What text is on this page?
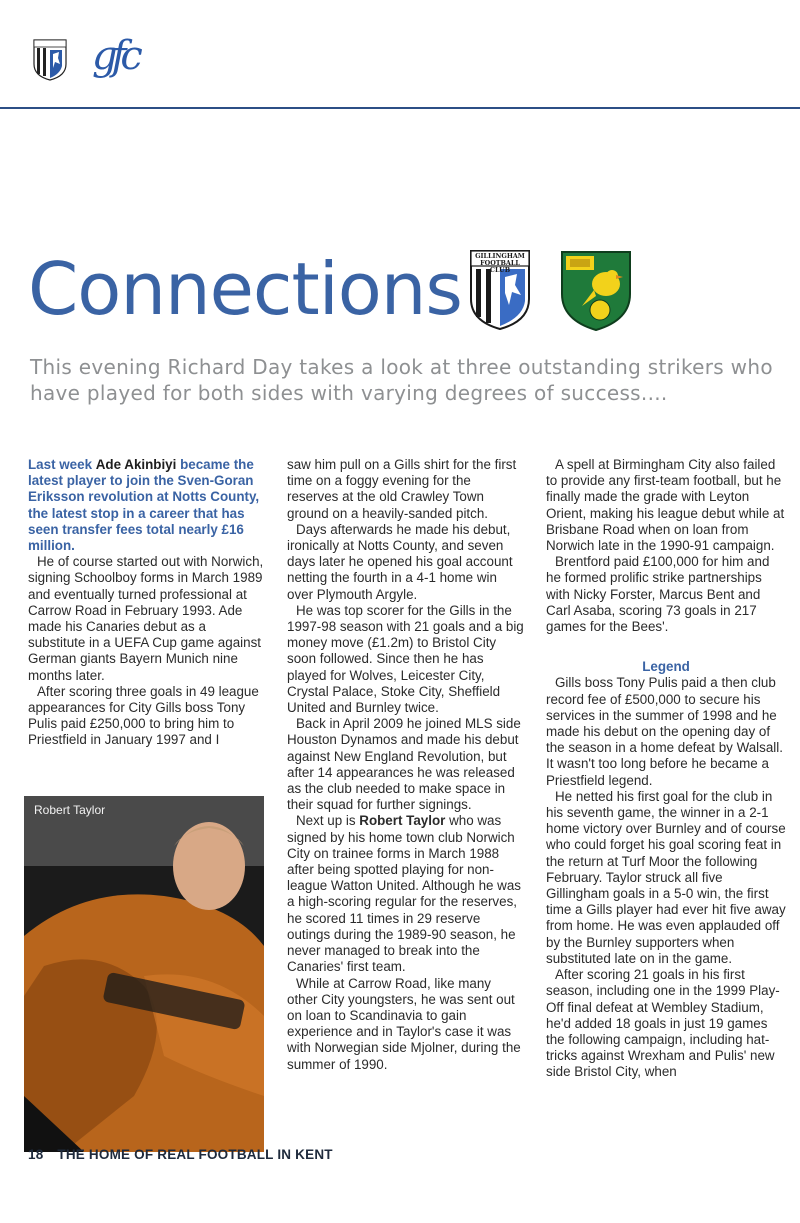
gfc
Connections	GILLINGHAM FOOTBALL CLUB
This evening Richard Day takes a look at three outstanding strikers who have played for both sides with varying degrees of success....

Last week Ade Akinbiyi became the latest player to join the Sven-Goran Eriksson revolution at Notts County, the latest stop in a career that has seen transfer fees total nearly £16 million.

He of course started out with Norwich, signing Schoolboy forms in March 1989 and eventually turned professional at Carrow Road in February 1993. Ade made his Canaries debut as a substitute in a UEFA Cup game against German giants Bayern Munich nine months later.

After scoring three goals in 49 league appearances for City Gills boss Tony Pulis paid £250,000 to bring him to Priestfield in January 1997 and I

Robert Taylor

saw him pull on a Gills shirt for the first time on a foggy evening for the reserves at the old Crawley Town ground on a heavily-sanded pitch.

Days afterwards he made his debut, ironically at Notts County, and seven days later he opened his goal account netting the fourth in a 4-1 home win over Plymouth Argyle.

He was top scorer for the Gills in the 1997-98 season with 21 goals and a big money move (£1.2m) to Bristol City soon followed. Since then he has played for Wolves, Leicester City, Crystal Palace, Stoke City, Sheffield United and Burnley twice.

Back in April 2009 he joined MLS side Houston Dynamos and made his debut against New England Revolution, but after 14 appearances he was released as the club needed to make space in their squad for further signings.

Next up is Robert Taylor who was signed by his home town club Norwich City on trainee forms in March 1988 after being spotted playing for non-league Watton United. Although he was a high-scoring regular for the reserves, he scored 11 times in 29 reserve outings during the 1989-90 season, he never managed to break into the Canaries' first team.

While at Carrow Road, like many other City youngsters, he was sent out on loan to Scandinavia to gain experience and in Taylor's case it was with Norwegian side Mjolner, during the summer of 1990.

A spell at Birmingham City also failed to provide any first-team football, but he finally made the grade with Leyton Orient, making his league debut while at Brisbane Road when on loan from Norwich late in the 1990-91 campaign.

Brentford paid £100,000 for him and he formed prolific strike partnerships with Nicky Forster, Marcus Bent and Carl Asaba, scoring 73 goals in 217 games for the Bees'.

Legend

Gills boss Tony Pulis paid a then club record fee of £500,000 to secure his services in the summer of 1998 and he made his debut on the opening day of the season in a home defeat by Walsall. It wasn't too long before he became a Priestfield legend.

He netted his first goal for the club in his seventh game, the winner in a 2-1 home victory over Burnley and of course who could forget his goal scoring feat in the return at Turf Moor the following February. Taylor struck all five Gillingham goals in a 5-0 win, the first time a Gills player had ever hit five away from home. He was even applauded off by the Burnley supporters when substituted late on in the game.

After scoring 21 goals in his first season, including one in the 1999 Play-Off final defeat at Wembley Stadium, he'd added 18 goals in just 19 games the following campaign, including hat-tricks against Wrexham and Pulis' new side Bristol City, when

18 THE HOME OF REAL FOOTBALL IN KENT
